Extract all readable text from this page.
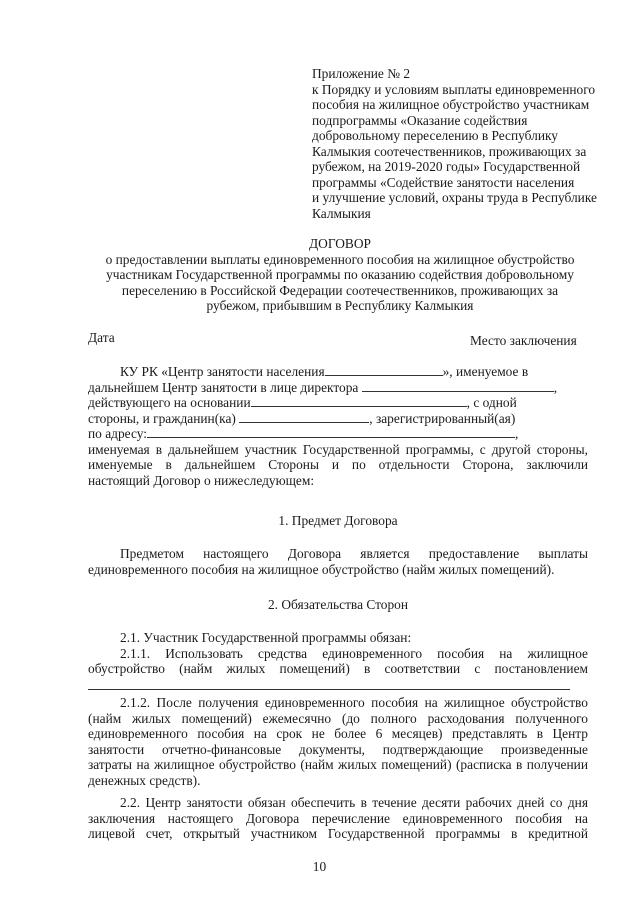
Приложение № 2
к Порядку и условиям выплаты единовременного
пособия на жилищное обустройство участникам
подпрограммы «Оказание содействия
добровольному переселению в Республику
Калмыкия соотечественников, проживающих за
рубежом, на 2019-2020 годы» Государственной
программы «Содействие занятости населения
и улучшение условий, охраны труда в Республике
Калмыкия
ДОГОВОР
о предоставлении выплаты единовременного пособия на жилищное обустройство
участникам Государственной программы по оказанию содействия добровольному
переселению в Российской Федерации соотечественников, проживающих за
рубежом, прибывшим в Республику Калмыкия
Дата	Место заключения
КУ РК «Центр занятости населения	», именуемое в
дальнейшем Центр занятости в лице директора	,
действующего на основании	, с одной
стороны, и гражданин(ка)	, зарегистрированный(ая)
по адресу:	,
именуемая в дальнейшем участник Государственной программы, с другой стороны,
именуемые в дальнейшем Стороны и по отдельности Сторона, заключили
настоящий Договор о нижеследующем:
1. Предмет Договора
Предметом настоящего Договора является предоставление выплаты
единовременного пособия на жилищное обустройство (найм жилых помещений).
2. Обязательства Сторон
2.1. Участник Государственной программы обязан:
2.1.1. Использовать средства единовременного пособия на жилищное
обустройство (найм жилых помещений) в соответствии с постановлением
2.1.2. После получения единовременного пособия на жилищное обустройство
(найм жилых помещений) ежемесячно (до полного расходования полученного
единовременного пособия на срок не более 6 месяцев) представлять в Центр
занятости отчетно-финансовые документы, подтверждающие произведенные
затраты на жилищное обустройство (найм жилых помещений) (расписка в получении
денежных средств).
2.2. Центр занятости обязан обеспечить в течение десяти рабочих дней со дня
заключения настоящего Договора перечисление единовременного пособия на
лицевой счет, открытый участником Государственной программы в кредитной
10
